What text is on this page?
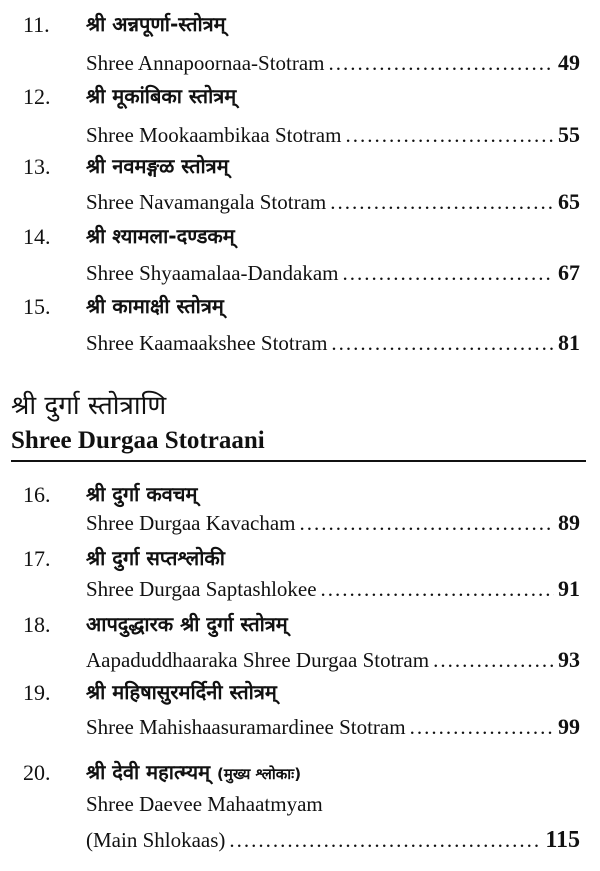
11. श्री अन्नपूर्णा-स्तोत्रम्
Shree Annapoornaa-Stotram .....	49
12. श्री मूकांबिका स्तोत्रम्
Shree Mookaambikaa Stotram .....	55
13. श्री नवमङ्गळ स्तोत्रम्
Shree Navamangala Stotram .....	65
14. श्री श्यामला-दण्डकम्
Shree Shyaamalaa-Dandakam .....	67
15. श्री कामाक्षी स्तोत्रम्
Shree Kaamaakshee Stotram .....	81
श्री दुर्गा स्तोत्राणि
Shree Durgaa Stotraani
16. श्री दुर्गा कवचम्
Shree Durgaa Kavacham .....	89
17. श्री दुर्गा सप्तश्लोकी
Shree Durgaa Saptashlokee .....	91
18. आपदुद्धारक श्री दुर्गा स्तोत्रम्
Aapaduddhaaraka Shree Durgaa Stotram .....	93
19. श्री महिषासुरमर्दिनी स्तोत्रम्
Shree Mahishaasuramardinee Stotram .....	99
20. श्री देवी महात्म्यम् (मुख्य श्लोकाः)
Shree Daevee Mahaatmyam
(Main Shlokaas) .....	115
